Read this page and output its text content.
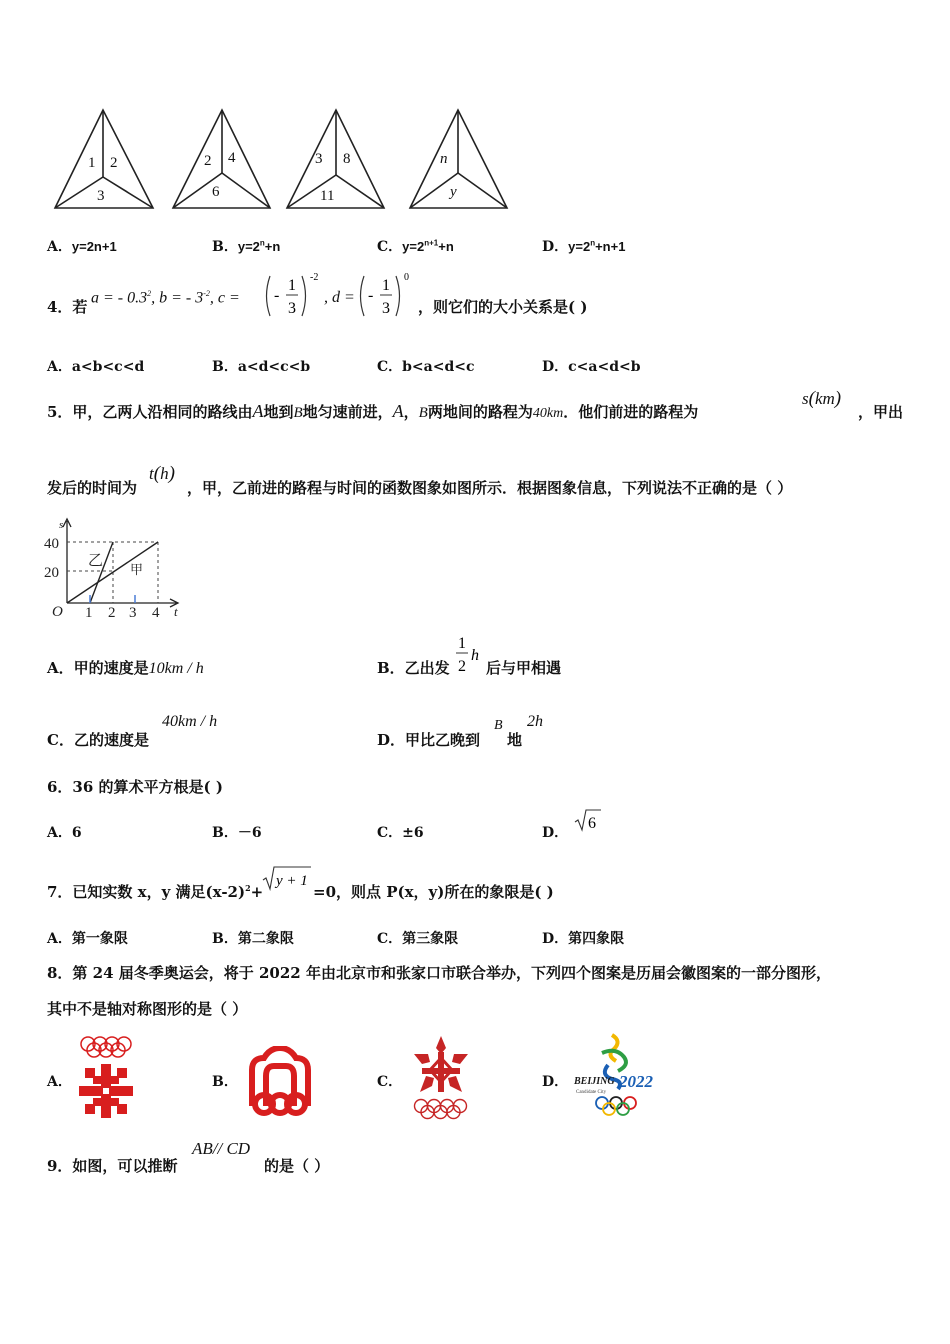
1 2
3
2 4
6
3 8
11
n
y
A．y=2n+1	B．$y=2^n+n$	C．$y=2^{n+1}+n$	D．$y=2^n+n+1$
4．若
a = - $0.3^2$, b = - $3^{-2}$, c = -
1
3
-2
, d = -
1
3
0
，则它们的大小关系是( )
A．a<b<c<d	B．a<d<c<b	C．b<a<d<c	D．c<a<d<b
5．甲，乙两人沿相同的路线由A地到B地匀速前进，A，B两地间的路程为40km．他们前进的路程为
s(km)
，甲出
发后的时间为
t(h)
，甲，乙前进的路程与时间的函数图象如图所示．根据图象信息，下列说法不正确的是（ ）
s
40
20
O 1 2 3 4 t
乙
甲
A．甲的速度是10km / h	B．乙出发
1
2
h
后与甲相遇
C．乙的速度是
40km / h
D．甲比乙晚到
B
地
2h
6．36 的算术平方根是( )
A．6	B．－6	C．±6	D．
6
7．已知实数 x，y 满足$(x-2)^2+$
y + 1
=0，则点 P(x，y)所在的象限是( )
A．第一象限	B．第二象限	C．第三象限	D．第四象限
8．第 24 届冬季奥运会，将于 2022 年由北京市和张家口市联合举办，下列四个图案是历届会徽图案的一部分图形，
其中不是轴对称图形的是（ ）
A．	B．	C．	D． BEIJING 2022
Candidate City
9．如图，可以推断
AB// CD
的是（ ）
